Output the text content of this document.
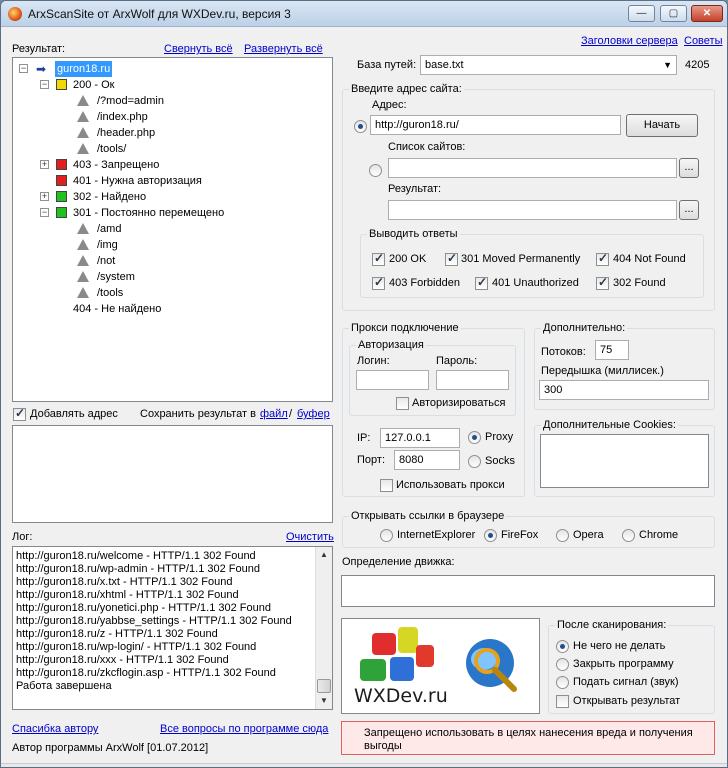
ArxScanSite от ArxWolf для WXDev.ru, версия 3	—	▢	✕
Результат:	Свернуть всё Развернуть всё
− ➡ guron18.ru
− 200 - Ок
/?mod=admin
/index.php
/header.php
/tools/
+ 403 - Запрещено
401 - Нужна авторизация
+ 302 - Найдено
− 301 - Постоянно перемещено
/amd
/img
/not
/system
/tools
404 - Не найдено
✓
Добавлять адрес Сохранить результат в файл / буфер
Лог:	Очистить
http://guron18.ru/welcome - HTTP/1.1 302 Found
http://guron18.ru/wp-admin - HTTP/1.1 302 Found
http://guron18.ru/x.txt - HTTP/1.1 302 Found
http://guron18.ru/xhtml - HTTP/1.1 302 Found
http://guron18.ru/yonetici.php - HTTP/1.1 302 Found
http://guron18.ru/yabbse_settings - HTTP/1.1 302 Found
http://guron18.ru/z - HTTP/1.1 302 Found
http://guron18.ru/wp-login/ - HTTP/1.1 302 Found
http://guron18.ru/xxx - HTTP/1.1 302 Found
http://guron18.ru/zkcflogin.asp - HTTP/1.1 302 Found
Работа завершена
▲
▼
Спасибка автору	Все вопросы по программе сюда
Автор программы ArxWolf [01.07.2012]
Заголовки сервера Советы
База путей: base.txt	▼ 4205
Введите адрес сайта:
Адрес:
http://guron18.ru/	Начать
Список сайтов:
...
Результат:
...
Выводить ответы
✓
200 OK ✓	301 Moved Permanently ✓	404 Not Found
✓
403 Forbidden ✓	401 Unauthorized ✓	302 Found
Прокси подключение
Авторизация
Логин:	Пароль:
Авторизироваться
IP:	127.0.0.1	Proxy
Порт:	8080	Socks
Использовать прокси
Дополнительно:
Потоков:	75
Передышка (миллисек.)
300
Дополнительные Cookies:
Открывать ссылки в браузере
InternetExplorer FireFox	Opera	Chrome
Определение движка:
WXDev.ru
После сканирования:
Не чего не делать
Закрыть программу
Подать сигнал (звук)
Открывать результат
Запрещено использовать в целях нанесения вреда и получения выгоды
